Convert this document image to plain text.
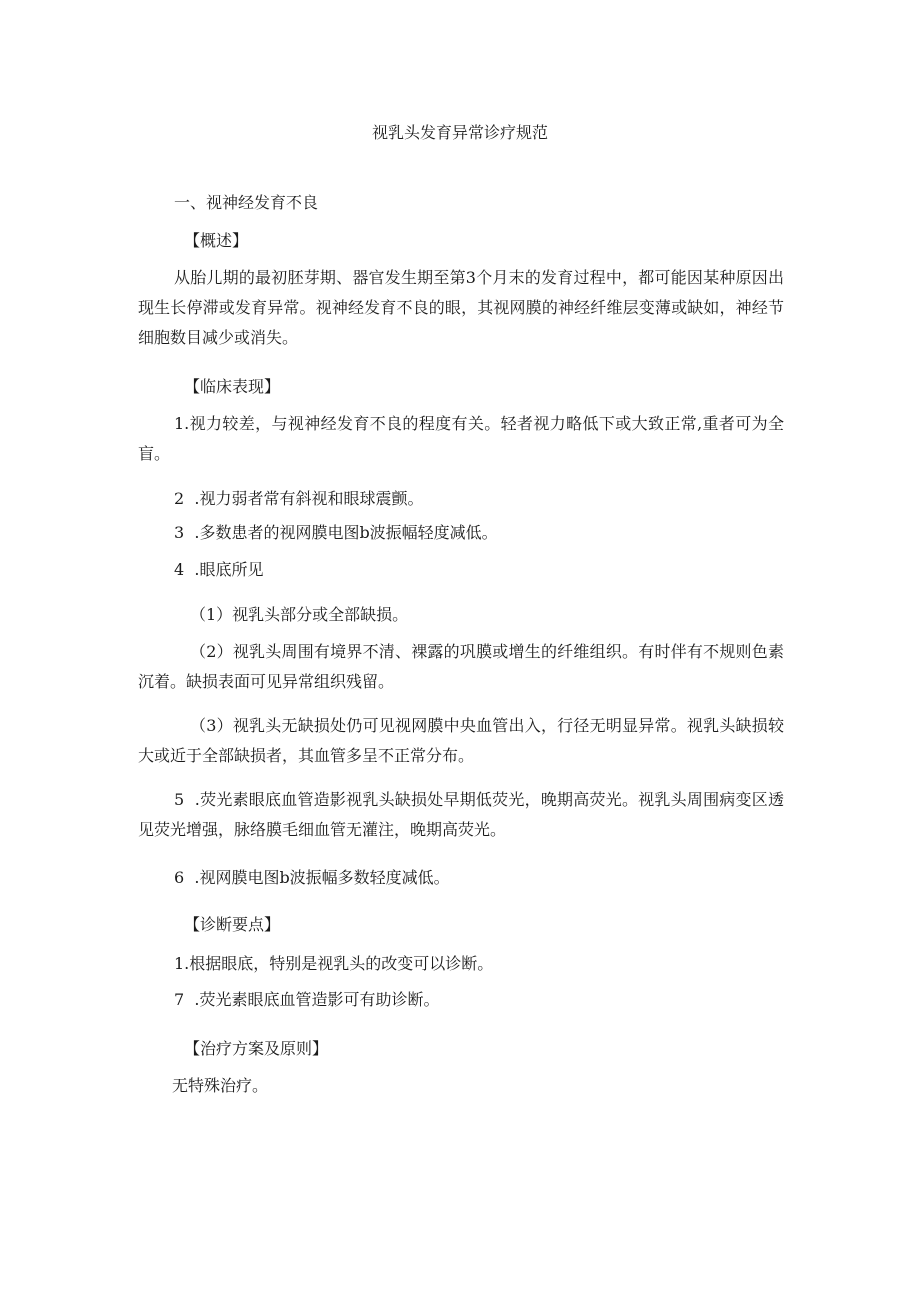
视乳头发育异常诊疗规范
一、视神经发育不良
【概述】
从胎儿期的最初胚芽期、器官发生期至第3个月末的发育过程中，都可能因某种原因出现生长停滞或发育异常。视神经发育不良的眼，其视网膜的神经纤维层变薄或缺如，神经节细胞数目减少或消失。
【临床表现】
1.视力较差，与视神经发育不良的程度有关。轻者视力略低下或大致正常,重者可为全盲。
2  .视力弱者常有斜视和眼球震颤。
3  .多数患者的视网膜电图b波振幅轻度减低。
4  .眼底所见
（1）视乳头部分或全部缺损。
（2）视乳头周围有境界不清、裸露的巩膜或增生的纤维组织。有时伴有不规则色素沉着。缺损表面可见异常组织残留。
（3）视乳头无缺损处仍可见视网膜中央血管出入，行径无明显异常。视乳头缺损较大或近于全部缺损者，其血管多呈不正常分布。
5  .荧光素眼底血管造影视乳头缺损处早期低荧光，晚期高荧光。视乳头周围病变区透见荧光增强，脉络膜毛细血管无灌注，晚期高荧光。
6  .视网膜电图b波振幅多数轻度减低。
【诊断要点】
1.根据眼底，特别是视乳头的改变可以诊断。
7  .荧光素眼底血管造影可有助诊断。
【治疗方案及原则】
无特殊治疗。
